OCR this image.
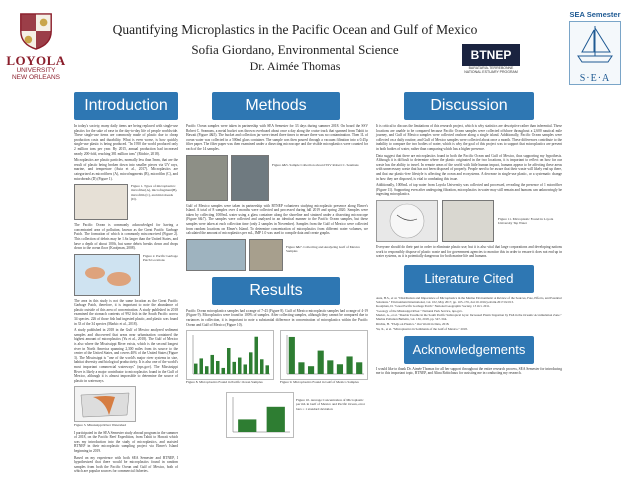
LOYOLA
UNIVERSITY
NEW ORLEANS
Quantifying Microplastics in the Pacific Ocean and Gulf of Mexico
Sofia Giordano, Environmental Science
Dr. Aimée Thomas
BTNEP
BARATARIA-TERREBONNE NATIONAL ESTUARY PROGRAM
SEA Semester
S·E·A
Introduction
In today's society, many daily items are being replaced with single-use plastics for the sake of ease in the day-to-day life of people worldwide. These single-use items are commonly made of plastic due to cheap production costs and durability. What is even worse, is how quickly single-use plastic is being produced. "In 1950 the world produced only 2 million tons per year. By 2015, annual production had increased nearly 200-fold, reaching 381 million tons" (Ritchie, 2018).
Microplastics are plastic particles, normally less than 5mm, that are the result of plastic being broken down into smaller pieces via UV rays, marine, and tempreture (Auta et al., 2017). Microplastics are categorized as microfibers (A), microfragments (B), microfilm (C), and microbeads (D) (Figure 1).
Figure 1. Types of microplastics: microfiber(A), microfragment(B), microfilm (C), and microbeads (D).
The Pacific Ocean is commonly acknowledged for having a concentrated area of pollution, known as the Great Pacific Garbage Patch. The formation of which is commonly misconceived (Figure 2). This collection of debris may be 1.6x larger than the United States, and have a depth of about 100ft, but some debris breaks down and drops down to the ocean floor (Kooijman, 2008).
Figure 2. Pacific Garbage Patch Locations
The area in this study is not the same location as the Great Pacific Garbage Patch, therefore, it is important to note the abundance of plastic outside of this area of concentration. A study published in 2018 examined the stomach contents of 992 fish in the South Pacific across 34 species. 226 of those fish had ingested plastic, and plastic was found in 33 of the 34 species (Markic et al., 2018).
A study published in 2018 in the Gulf of Mexico analyzed sediment samples and discovered that areas near urbanization contained the highest amount of microplastics (Yu et al., 2018). The Gulf of Mexico is also where the Mississippi River exists, which is the second longest river in North America spanning 2,300 miles from its source to the center of the United States, and covers 40% of the United States (Figure 3). The Mississippi is "one of the world's major river systems in size, habitat diversity and biological productivity. It is also one of the world's most important commercial waterways" (nps.gov). The Mississippi River is likely a major contributor to microplastics found in the Gulf of Mexico, although it is almost impossible to determine the source of plastic in waterways.
Figure 3. Mississippi River Watershed
I participated in the SEA Semester study abroad program in the summer of 2018, on the Pacific Reef Expedition, from Tahiti to Hawaii which was my introduction into the study of microplastics, and assisted BTNEP in their microplastic sampling project via Elmer's Island beginning in 2019.
Based on my experience with both SEA Semester and BTNEP, I hypothesized that there would be microplastics found in random samples from both the Pacific Ocean and Gulf of Mexico, both of which are popular sources for commercial fisheries.
Methods
Pacific Ocean samples were taken in partnership with SEA Semester for 33 days during summer 2018. On board the SSV Robert C. Seamans, a metal bucket was thrown overboard about once a day along the cruise track that spanned from Tahiti to Hawaii (Figure 4&5). The bucket and collection jar were rinsed three times to ensure there was no contamination. Then 1L of ocean water was collected in a 500ml glass container. The sample was then poured through a vacuum filtration into a 0.45µ filter paper. The filter paper was then examined under a dissecting microscope and the visible microplastics were counted for each of the 14 samples.
Figure 4&5. Sample Collection aboard SSV Robert C. Seamans
Gulf of Mexico samples were taken in partnership with BTNEP volunteers studying microplastic presence along Elmer's Island. A total of 8 samples over 4 months were collected and processed during fall 2019 and spring 2020. Samples were taken by collecting 1000mL water using a glass container along the shoreline and strained under a dissecting microscope (Figure 6&7). The samples were collected and analyzed in an identical manner to the Pacific Ocean samples, but these samples were taken at each collection time (only 2 samples in November). Samples from the Gulf of Mexico were collected from random locations on Elmer's Island. To determine concentration of microplastics from different water volumes, we calculated the amount of microplastics per mL, IMP 1.0 was used to compile data and create graphs.
Figure 6&7. Collecting and Analyzing Gulf of Mexico Samples
Results
Pacific Ocean microplastics samples had a range of 7-43 (Figure 8). Gulf of Mexico microplastic samples had a range of 4-19 (Figure 9). Microplastics were found in 100% of samples. After collecting samples, although they cannot be compared due to variances in collection, it is important to note a substantial difference in concentration of microplastics within the Pacific Ocean and Gulf of Mexico (Figure 10).
Figure 8. Microplastics Found in Pacific Ocean Samples	Figure 9. Microplastics Found in Gulf of Mexico Samples
Figure 10. Average Concentration of Microplastic per mL in Gulf of Mexico and Pacific Ocean, error bars = 1 standard deviation
Discussion
It is critical to discuss the limitations of this research project, which is why statistics are descriptive rather than inferential. These locations are unable to be compared because Pacific Ocean samples were collected offshore throughout a 2,600 nautical mile journey, and Gulf of Mexico samples were collected onshore along a single island. Additionally, Pacific Ocean samples were collected on a daily routine, and Gulf of Mexico samples were collected about once a month. These differences contribute to the inability to compare the two bodies of water, which is why the goal of this project was to support that microplastics are present in both bodies of water, rather than comparing which has a higher presence.
Data suggest that there are microplastics found in both the Pacific Ocean and Gulf of Mexico, thus supporting my hypothesis. Although it is difficult to determine where the plastic originated in the two locations, it is important to reflect on how far our waste has the ability to travel. In remote areas of the world with little human impact, humans appear to be affecting these areas with unnecessary waste that has not been disposed of properly. People need to be aware that their waste will likely end up there, and that our plastic-free lifestyle is affecting the ocean and ecosystems. A decrease in single-use plastic, or a systematic change in how they are disposed, is vital to combating this issue.
Additionally, 1000mL of tap water from Loyola University was collected and processed, revealing the presence of 1 microfiber (Figure 11). Supporting even after undergoing filtration, microplastics in water may still remain and humans can unknowingly be ingesting microplastics.
Figure 11. Microplastic Found in Loyola University Tap Water
Everyone should do their part in order to eliminate plastic use; but it is also vital that large corporations and developing nations work to responsibly dispose of plastic waste and for government agencies to monitor this in order to ensure it does not end up in water systems, as it is potentially dangerous for both marine life and humans.
Literature Cited
Auta, H.S., et al. "Distribution and Importance of Microplastics in the Marine Environment: A Review of the Sources, Fate, Effects, and Potential Solutions." Environment International, vol. 102, May 2017, pp. 165–176, doi:10.1016/j.envint.2017.02.013.
Kooijman, D. "Great Pacific Garbage Patch." National Geographic Society, 13 Oct. 2011.
"Geology of the Mississippi River." National Park Service, nps.gov.
Markic, A., et al. "Double Trouble in the South Pacific Subtropical Gyre: Increased Plastic Ingestion by Fish in the Oceanic Accumulation Zone." Marine Pollution Bulletin, vol. 136, 2018, pp. 547–564.
Ritchie, H. "FAQs on Plastics." Our World in Data, 2018.
Yu, X., et al. "Microplastics in Sediments of the Gulf of Mexico." 2018.
Acknowledgements
I would like to thank Dr. Aimée Thomas for all her support throughout the entire research process, SEA Semester for introducing me to this important topic, BTNEP, and Alina Robichaux for assisting me in conducting my research.
